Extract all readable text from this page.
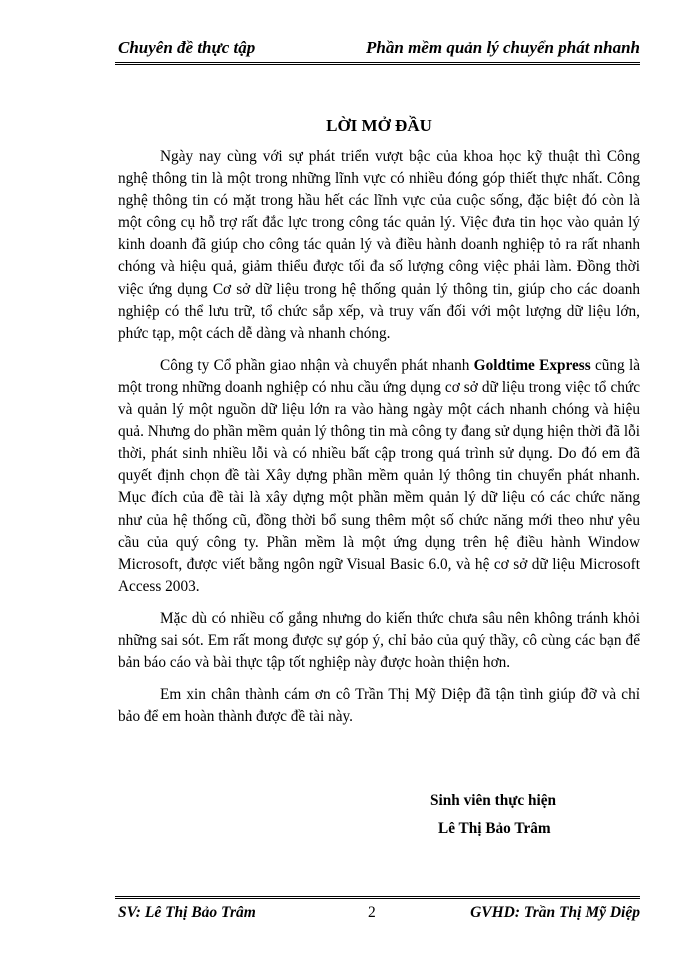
Chuyên đề thực tập	Phần mềm quản lý chuyển phát nhanh
LỜI MỞ ĐẦU

Ngày nay cùng với sự phát triển vượt bậc của khoa học kỹ thuật thì Công nghệ thông tin là một trong những lĩnh vực có nhiều đóng góp thiết thực nhất. Công nghệ thông tin có mặt trong hầu hết các lĩnh vực của cuộc sống, đặc biệt đó còn là một công cụ hỗ trợ rất đắc lực trong công tác quản lý. Việc đưa tin học vào quản lý kinh doanh đã giúp cho công tác quản lý và điều hành doanh nghiệp tỏ ra rất nhanh chóng và hiệu quả, giảm thiểu được tối đa số lượng công việc phải làm. Đồng thời việc ứng dụng Cơ sở dữ liệu trong hệ thống quản lý thông tin, giúp cho các doanh nghiệp có thể lưu trữ, tổ chức sắp xếp, và truy vấn đối với một lượng dữ liệu lớn, phức tạp, một cách dễ dàng và nhanh chóng.

Công ty Cổ phần giao nhận và chuyển phát nhanh Goldtime Express cũng là một trong những doanh nghiệp có nhu cầu ứng dụng cơ sở dữ liệu trong việc tổ chức và quản lý một nguồn dữ liệu lớn ra vào hàng ngày một cách nhanh chóng và hiệu quả. Nhưng do phần mềm quản lý thông tin mà công ty đang sử dụng hiện thời đã lỗi thời, phát sinh nhiều lỗi và có nhiều bất cập trong quá trình sử dụng. Do đó em đã quyết định chọn đề tài Xây dựng phần mềm quản lý thông tin chuyển phát nhanh. Mục đích của đề tài là xây dựng một phần mềm quản lý dữ liệu có các chức năng như của hệ thống cũ, đồng thời bổ sung thêm một số chức năng mới theo như yêu cầu của quý công ty. Phần mềm là một ứng dụng trên hệ điều hành Window Microsoft, được viết bằng ngôn ngữ Visual Basic 6.0, và hệ cơ sở dữ liệu Microsoft Access 2003.

Mặc dù có nhiều cố gắng nhưng do kiến thức chưa sâu nên không tránh khỏi những sai sót. Em rất mong được sự góp ý, chỉ bảo của quý thầy, cô cùng các bạn để bản báo cáo và bài thực tập tốt nghiệp này được hoàn thiện hơn.

Em xin chân thành cám ơn cô Trần Thị Mỹ Diệp đã tận tình giúp đỡ và chỉ bảo để em hoàn thành được đề tài này.

Sinh viên thực hiện
Lê Thị Bảo Trâm
SV: Lê Thị Bảo Trâm	2	GVHD: Trần Thị Mỹ Diệp
